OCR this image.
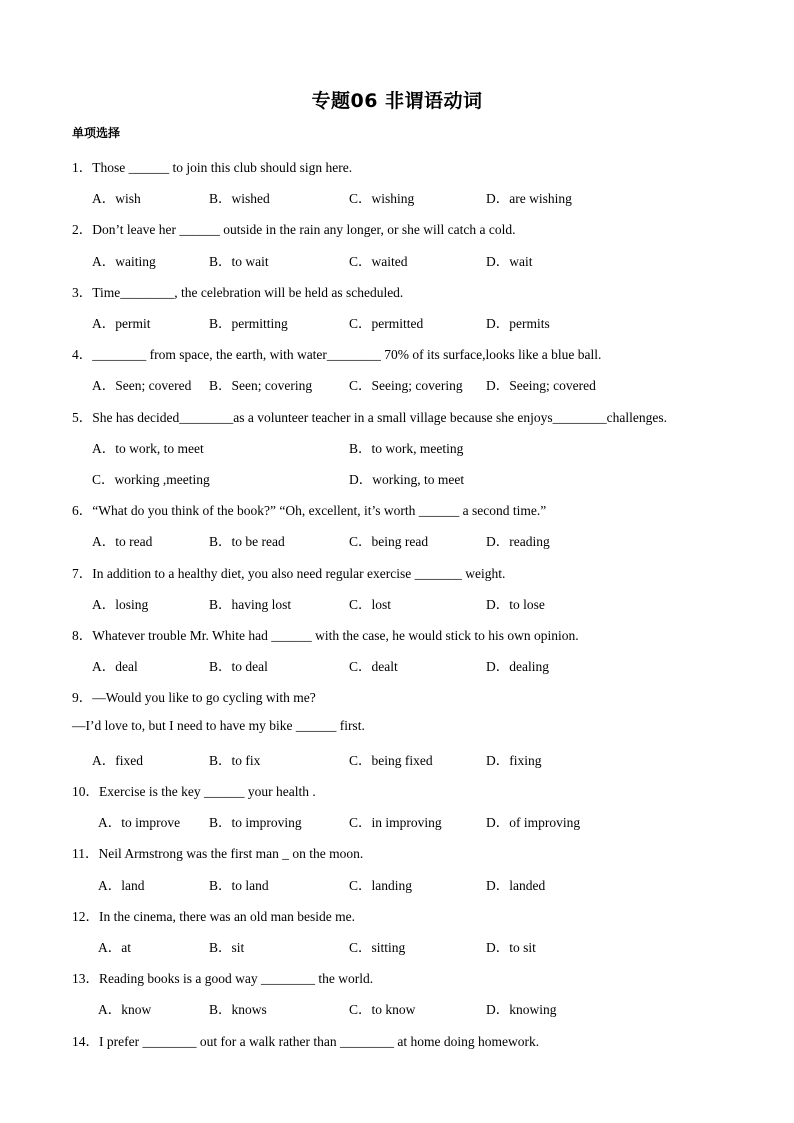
专题06 非谓语动词
单项选择
1．Those ______ to join this club should sign here.
A．wish	B．wished	C．wishing	D．are wishing
2．Don’t leave her ______ outside in the rain any longer, or she will catch a cold.
A．waiting	B．to wait	C．waited	D．wait
3．Time________, the celebration will be held as scheduled.
A．permit	B．permitting	C．permitted	D．permits
4．________ from space, the earth, with water________ 70% of its surface,looks like a blue ball.
A．Seen; covered B．Seen; covering	C．Seeing; covering D．Seeing; covered
5．She has decided________as a volunteer teacher in a small village because she enjoys________challenges.
A．to work, to meet	B．to work, meeting
C．working ,meeting	D．working, to meet
6．“What do you think of the book?” “Oh, excellent, it’s worth ______ a second time.”
A．to read	B．to be read	C．being read	D．reading
7．In addition to a healthy diet, you also need regular exercise _______ weight.
A．losing	B．having lost	C．lost	D．to lose
8．Whatever trouble Mr. White had ______ with the case, he would stick to his own opinion.
A．deal	B．to deal	C．dealt	D．dealing
9．—Would you like to go cycling with me?
—I’d love to, but I need to have my bike ______ first.
A．fixed	B．to fix	C．being fixed	D．fixing
10．Exercise is the key ______ your health .
A．to improve B．to improving	C．in improving	D．of improving
11．Neil Armstrong was the first man _ on the moon.
A．land	B．to land	C．landing	D．landed
12．In the cinema, there was an old man beside me.
A．at	B．sit	C．sitting	D．to sit
13．Reading books is a good way ________ the world.
A．know	B．knows	C．to know	D．knowing
14．I prefer ________ out for a walk rather than ________ at home doing homework.
